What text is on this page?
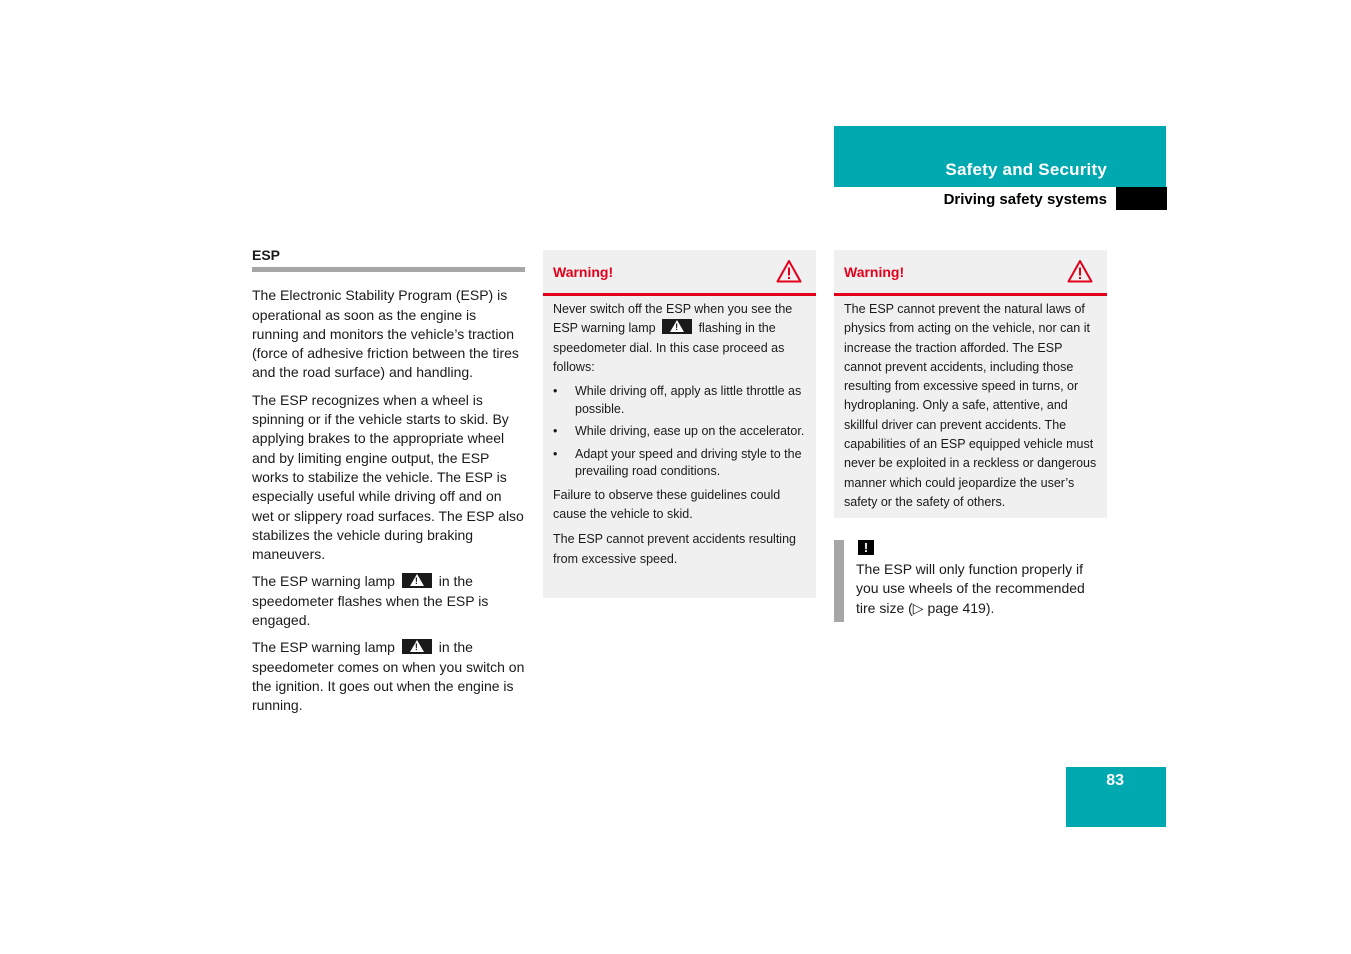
Safety and Security
Driving safety systems
ESP

The Electronic Stability Program (ESP) is operational as soon as the engine is running and monitors the vehicle’s traction (force of adhesive friction between the tires and the road surface) and handling.

The ESP recognizes when a wheel is spinning or if the vehicle starts to skid. By applying brakes to the appropriate wheel and by limiting engine output, the ESP works to stabilize the vehicle. The ESP is especially useful while driving off and on wet or slippery road surfaces. The ESP also stabilizes the vehicle during braking maneuvers.

The ESP warning lamp !	in the speedometer flashes when the ESP is engaged.

The ESP warning lamp !	in the speedometer comes on when you switch on the ignition. It goes out when the engine is running.

Warning!

Never switch off the ESP when you see the ESP warning lamp !	flashing in the speedometer dial. In this case proceed as follows:

• While driving off, apply as little throttle as possible.
• While driving, ease up on the accelerator.
• Adapt your speed and driving style to the prevailing road conditions.

Failure to observe these guidelines could cause the vehicle to skid.

The ESP cannot prevent accidents resulting from excessive speed.

Warning!

The ESP cannot prevent the natural laws of physics from acting on the vehicle, nor can it increase the traction afforded. The ESP cannot prevent accidents, including those resulting from excessive speed in turns, or hydroplaning. Only a safe, attentive, and skillful driver can prevent accidents. The capabilities of an ESP equipped vehicle must never be exploited in a reckless or dangerous manner which could jeopardize the user’s safety or the safety of others.

!
The ESP will only function properly if you use wheels of the recommended tire size (▷ page 419).
83
